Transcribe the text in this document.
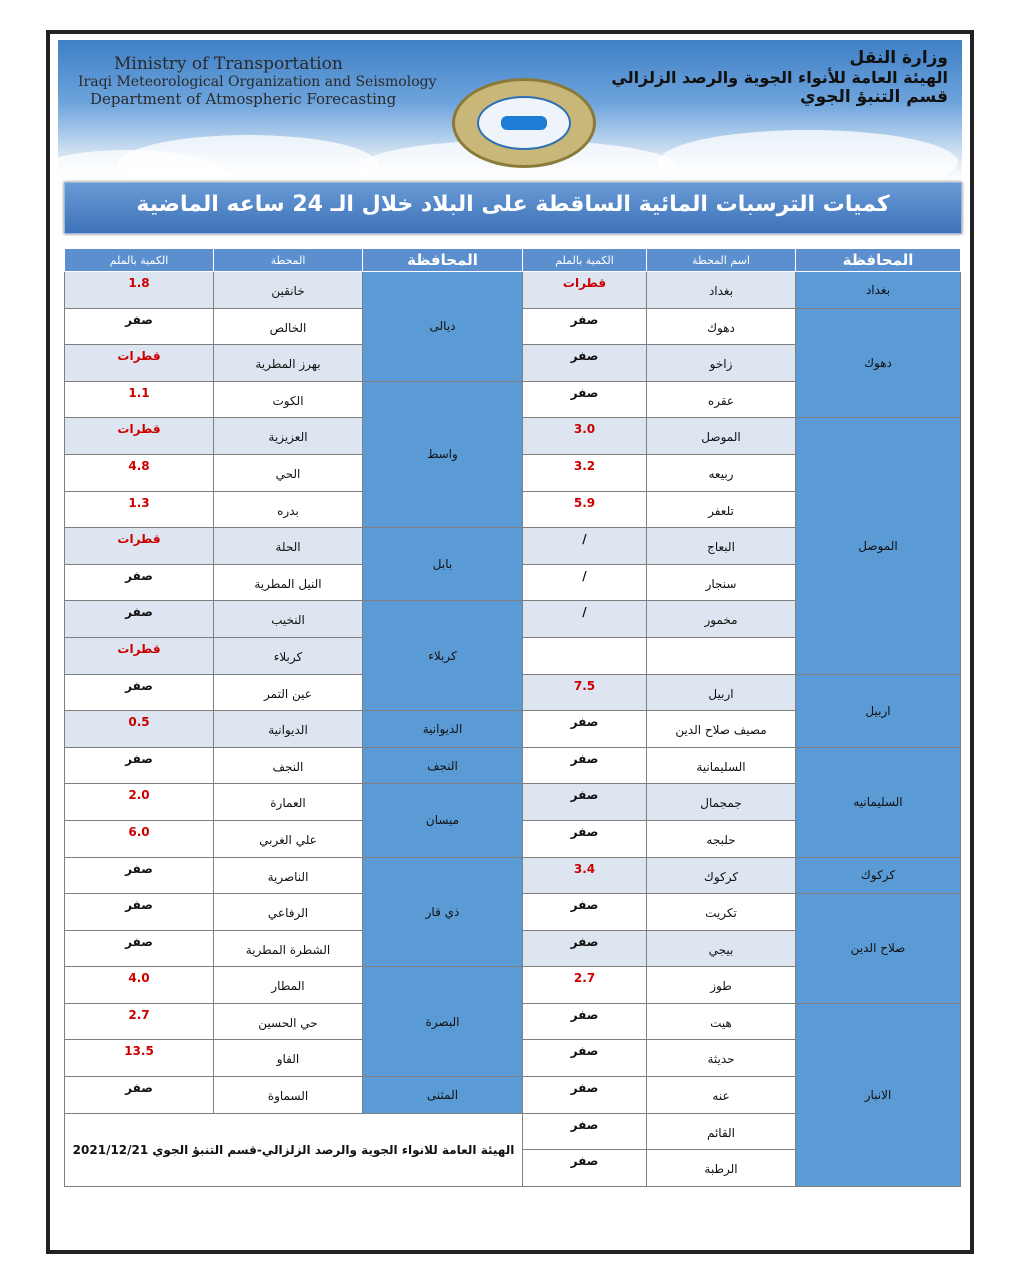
Ministry of Transportation
Iraqi Meteorological Organization and Seismology
Department of Atmospheric Forecasting
وزارة النقل
الهيئة العامة للأنواء الجوية والرصد الزلزالي
قسم التنبؤ الجوي
كميات الترسبات المائية الساقطة على البلاد خلال الـ 24 ساعه الماضية
الكمية بالملم	المحطة	المحافظة	الكمية بالملم	اسم المحطة	المحافظة

1.8	خانقين	ديالى	قطرات	بغداد	بغداد

صفر	الخالص		صفر	دهوك	دهوك

قطرات	بهرز المطرية		صفر	زاخو	

1.1	الكوت	واسط	صفر	عقره	

قطرات	العزيزية		3.0	الموصل	الموصل

4.8	الحي		3.2	ربيعه	

1.3	بدره		5.9	تلعفر	

قطرات	الحلة	بابل	/	البعاج	

صفر	النيل المطرية		/	سنجار	

صفر	النخيب	كربلاء	/	مخمور	

قطرات	كربلاء				

صفر	عين التمر		7.5	اربيل	اربيل

0.5	الديوانية	الديوانية	صفر	مصيف صلاح الدين	

صفر	النجف	النجف	صفر	السليمانية	السليمانيه

2.0	العمارة	ميسان	صفر	جمجمال	

6.0	علي الغربي		صفر	حلبجه	

صفر	الناصرية	ذي قار	3.4	كركوك	كركوك

صفر	الرفاعي		صفر	تكريت	صلاح الدين

صفر	الشطرة المطرية		صفر	بيجي	

4.0	المطار	البصرة	2.7	طوز	

2.7	حي الحسين		صفر	هيت	الانبار

13.5	الفاو		صفر	حديثة	

صفر	السماوة	المثنى	صفر	عنه	

الهيئة العامة للانواء الجوية والرصد الزلزالي-قسم التنبؤ الجوي 2021/12/21			صفر	القائم	

			صفر	الرطبة	
